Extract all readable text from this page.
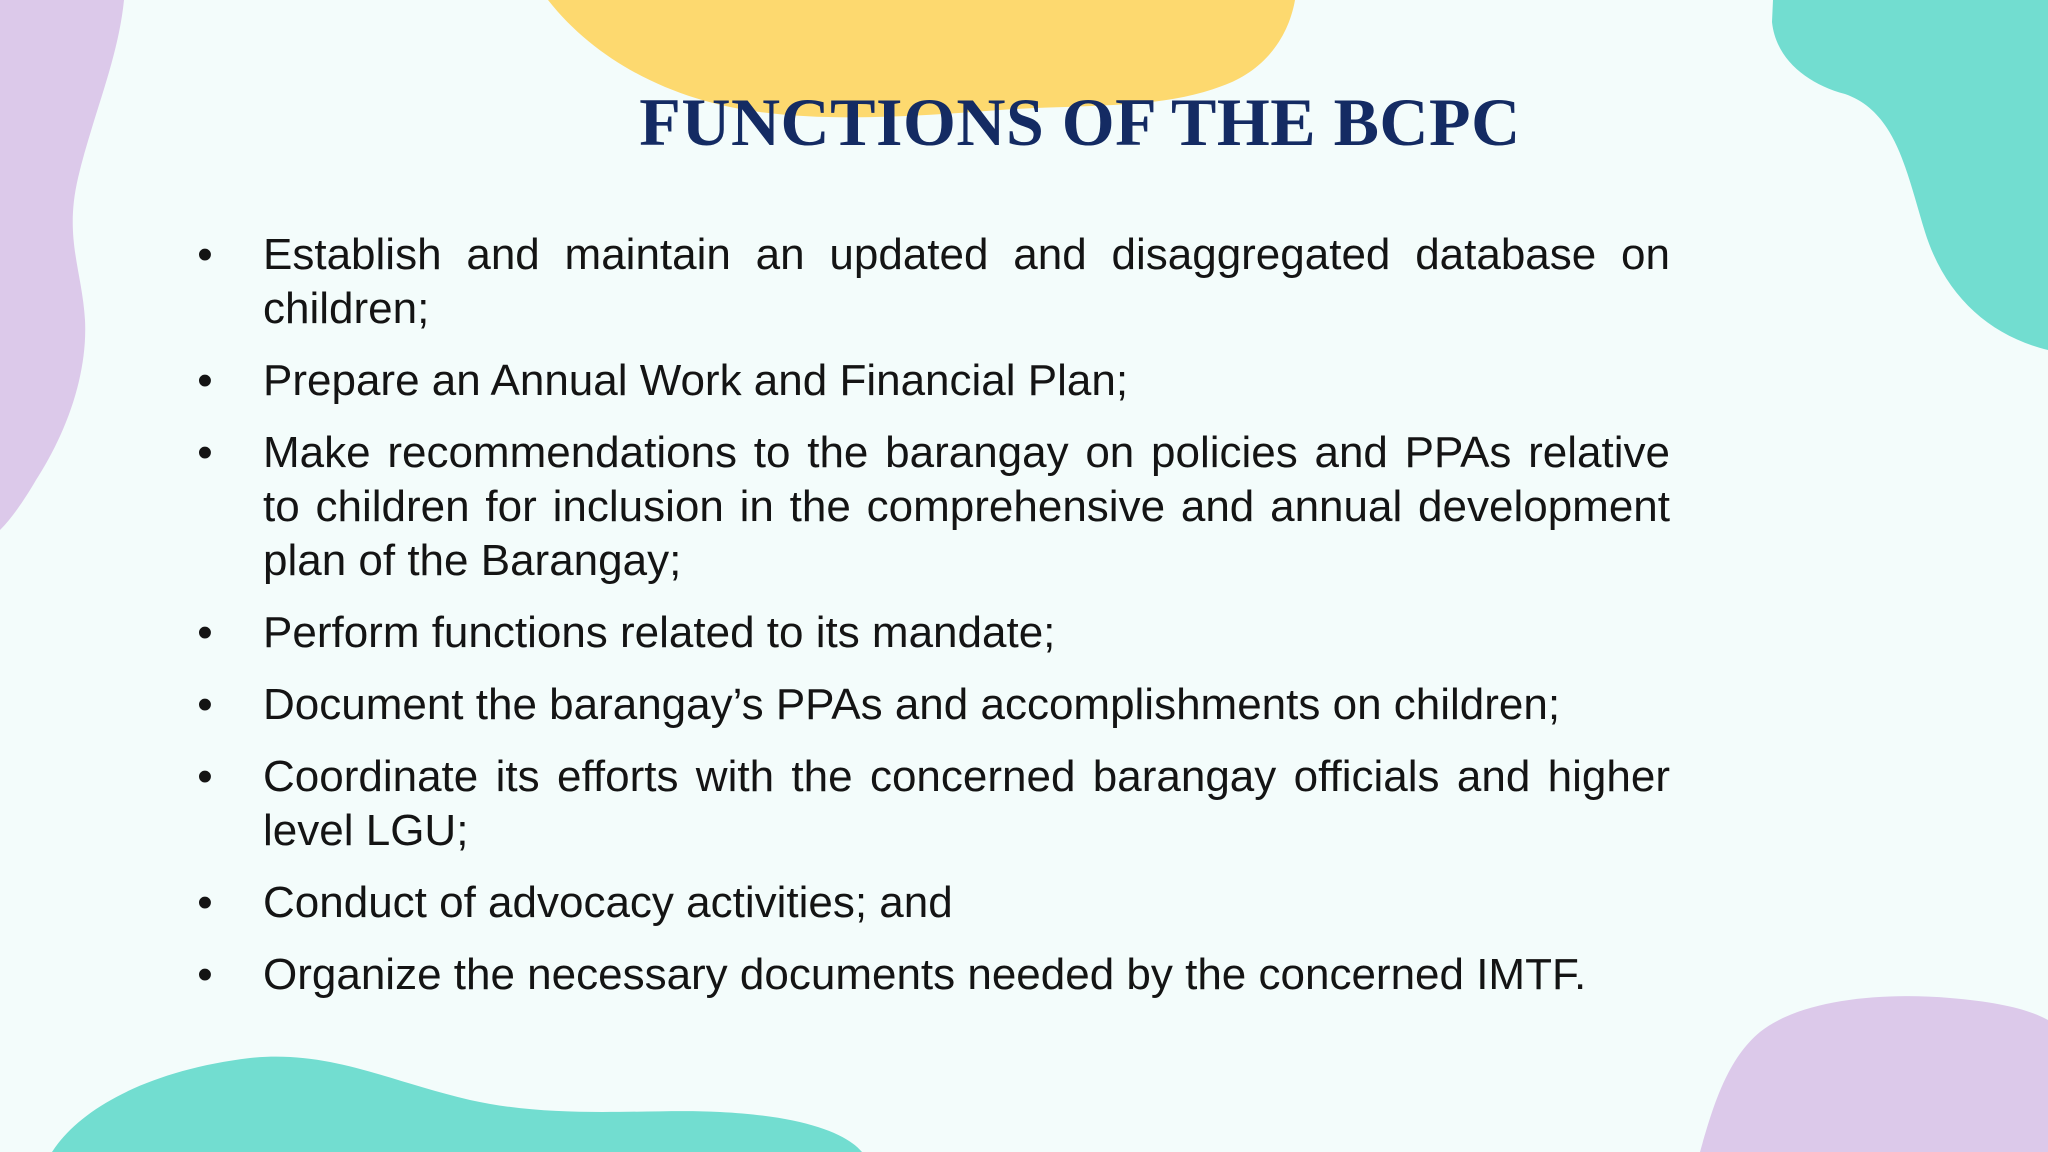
FUNCTIONS OF THE BCPC
• Establish and maintain an updated and disaggregated database on children;
• Prepare an Annual Work and Financial Plan;
• Make recommendations to the barangay on policies and PPAs relative to children for inclusion in the comprehensive and annual development plan of the Barangay;
• Perform functions related to its mandate;
• Document the barangay’s PPAs and accomplishments on children;
• Coordinate its efforts with the concerned barangay officials and higher level LGU;
• Conduct of advocacy activities; and
• Organize the necessary documents needed by the concerned IMTF.
